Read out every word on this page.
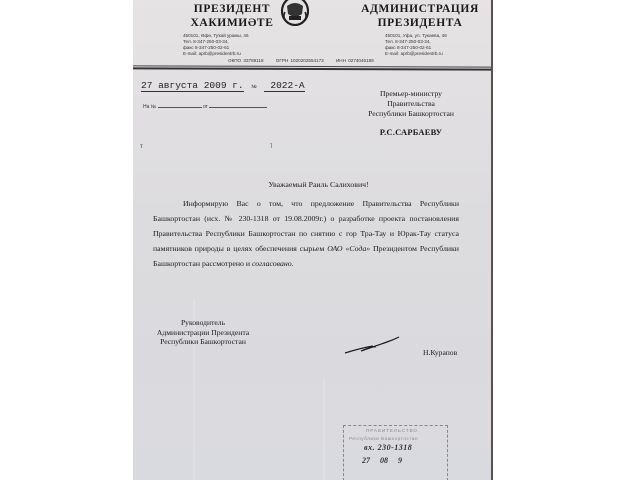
ПРЕЗИДЕНТ
ХАКИМИӘТЕ
450101, Өфө, Туҡай урамы, 46
Тел. 8-347-250-03-34,
факс 8-347-250-02-61
E-mail: aprb@presidentrb.ru
АДМИНИСТРАЦИЯ
ПРЕЗИДЕНТА
450101, Уфа, ул. Тукаева, 46
Тел. 8-347-250-03-34,
факс 8-347-250-02-61
E-mail: aprb@presidentrb.ru
ОКПО 33789118	ОГРН 1020202554173	ИНН 0274046198
27 августа 2009 г. № 2022-А
На №	от
т	˥
Премьер-министру
Правительства
Республики Башкортостан
Р.С.САРБАЕВУ
Уважаемый Раиль Салихович!
Информирую Вас о том, что предложение Правительства Республики Башкортостан (исх. № 230-1318 от 19.08.2009г.) о разработке проекта постановления Правительства Республики Башкортостан по снятию с гор Тра-Тау и Юрак-Тау статуса памятников природы в целях обеспечения сырьем ОАО «Сода» Президентом Республики Башкортостан рассмотрено и согласовано.
Руководитель
Администрации Президента
Республики Башкортостан
Н.Курапов
ПРАВИТЕЛЬСТВО
Республики Башкортостан
вх. 230-1318
27 08 9
